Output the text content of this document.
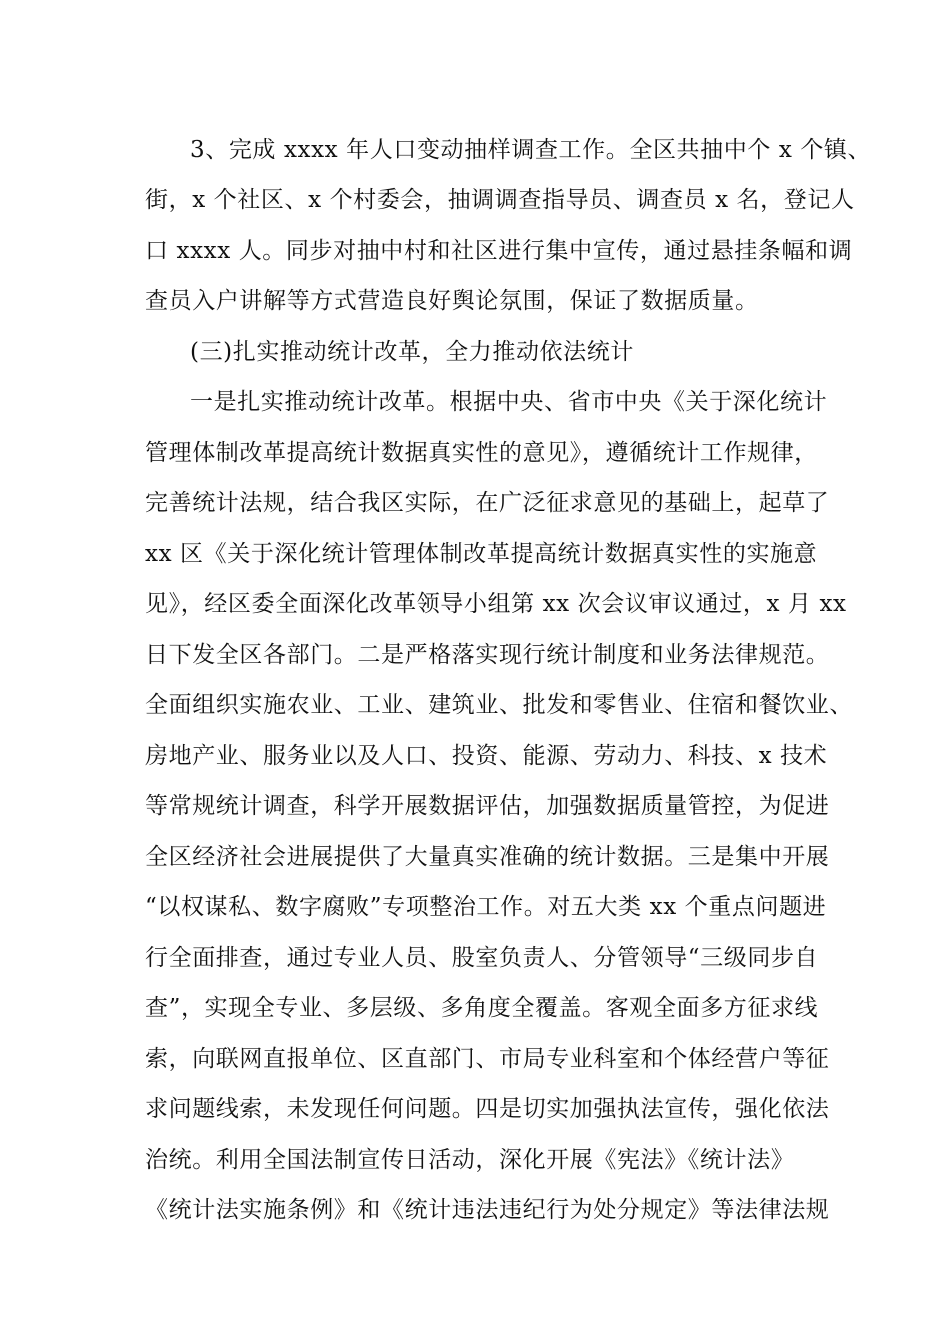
3、完成 xxxx 年人口变动抽样调查工作。全区共抽中个 x 个镇、
街，x 个社区、x 个村委会，抽调调查指导员、调查员 x 名，登记人
口 xxxx 人。同步对抽中村和社区进行集中宣传，通过悬挂条幅和调
查员入户讲解等方式营造良好舆论氛围，保证了数据质量。
(三)扎实推动统计改革，全力推动依法统计
一是扎实推动统计改革。根据中央、省市中央《关于深化统计
管理体制改革提高统计数据真实性的意见》，遵循统计工作规律，
完善统计法规，结合我区实际，在广泛征求意见的基础上，起草了
xx 区《关于深化统计管理体制改革提高统计数据真实性的实施意
见》，经区委全面深化改革领导小组第 xx 次会议审议通过，x 月 xx
日下发全区各部门。二是严格落实现行统计制度和业务法律规范。
全面组织实施农业、工业、建筑业、批发和零售业、住宿和餐饮业、
房地产业、服务业以及人口、投资、能源、劳动力、科技、x 技术
等常规统计调查，科学开展数据评估，加强数据质量管控，为促进
全区经济社会进展提供了大量真实准确的统计数据。三是集中开展
“以权谋私、数字腐败”专项整治工作。对五大类 xx 个重点问题进
行全面排查，通过专业人员、股室负责人、分管领导“三级同步自
查”，实现全专业、多层级、多角度全覆盖。客观全面多方征求线
索，向联网直报单位、区直部门、市局专业科室和个体经营户等征
求问题线索，未发现任何问题。四是切实加强执法宣传，强化依法
治统。利用全国法制宣传日活动，深化开展《宪法》《统计法》
《统计法实施条例》和《统计违法违纪行为处分规定》等法律法规
